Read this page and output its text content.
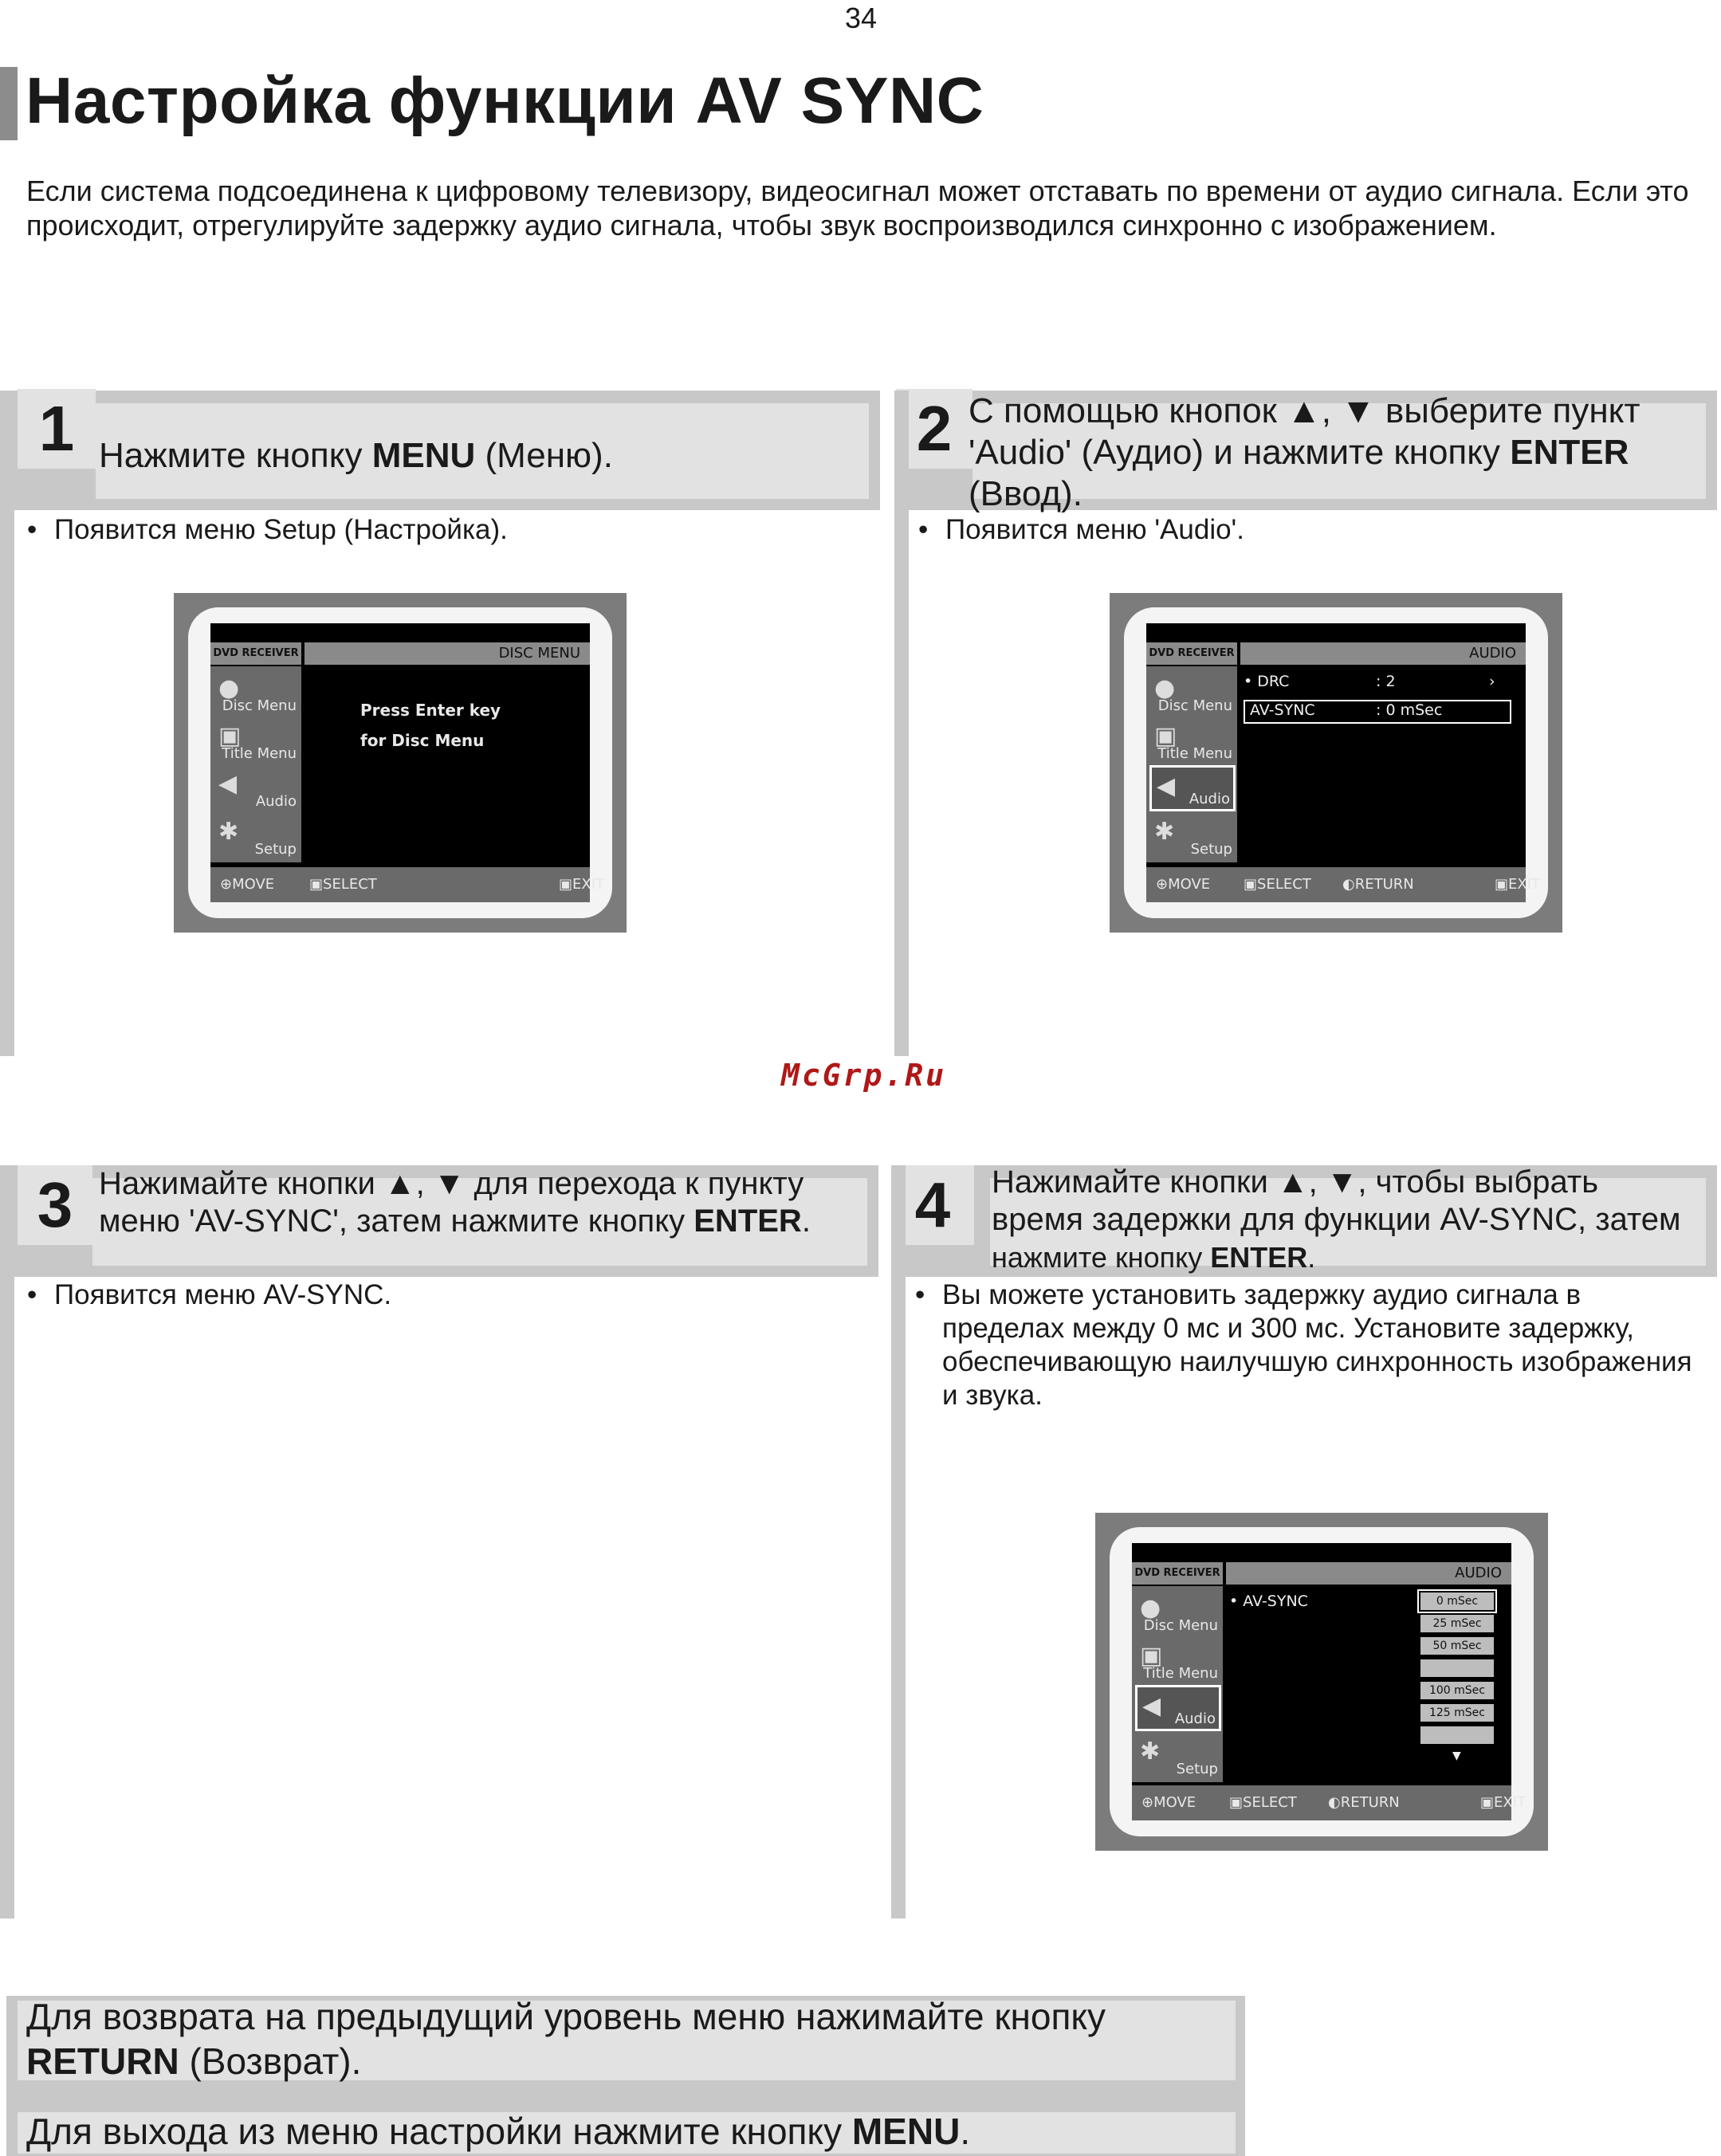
34
Настройка функции AV SYNC
Если система подсоединена к цифровому телевизору, видеосигнал может отставать по времени от аудио сигнала. Если это происходит, отрегулируйте задержку аудио сигнала, чтобы звук воспроизводился синхронно с изображением.
1 Нажмите кнопку MENU (Меню).
• Появится меню Setup (Настройка).
DVD RECEIVER	DISC MENU
●
Disc Menu
▣
Title Menu
◀
Audio
✱
Setup
Press Enter key
for Disc Menu
⊕ MOVE ▣ SELECT	▣ EXIT
2 С помощью кнопок ▲, ▼ выберите пункт 'Audio' (Аудио) и нажмите кнопку ENTER (Ввод).
• Появится меню 'Audio'.
DVD RECEIVER	AUDIO
●
Disc Menu
▣
Title Menu
◀ Audio
✱
Setup
• DRC	: 2	›
AV-SYNC	: 0 mSec
⊕ MOVE ▣ SELECT ◐ RETURN	▣ EXIT
McGrp.Ru
3 Нажимайте кнопки ▲, ▼ для перехода к пункту меню 'AV-SYNC', затем нажмите кнопку ENTER.
• Появится меню AV-SYNC.
4	Нажимайте кнопки ▲, ▼, чтобы выбрать
время задержки для функции AV-SYNC, затем
нажмите кнопку ENTER.
• Вы можете установить задержку аудио сигнала в пределах между 0 мс и 300 мс. Установите задержку, обеспечивающую наилучшую синхронность изображения и звука.
DVD RECEIVER	AUDIO
●
Disc Menu
▣
Title Menu
◀ Audio
✱
Setup
• AV-SYNC	0 mSec
25 mSec
50 mSec
100 mSec
125 mSec
▼
⊕ MOVE ▣ SELECT ◐ RETURN	▣ EXIT
Для возврата на предыдущий уровень меню нажимайте кнопку
RETURN (Возврат).
Для выхода из меню настройки нажмите кнопку MENU.
